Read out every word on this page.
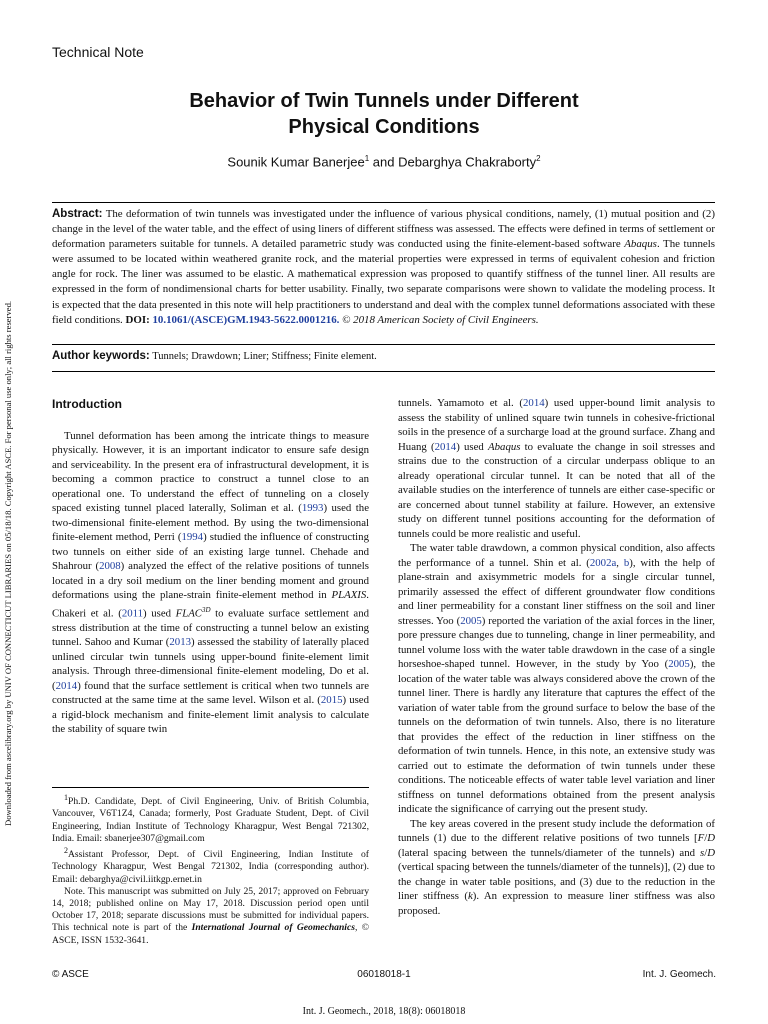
Technical Note
Behavior of Twin Tunnels under Different
Physical Conditions
Sounik Kumar Banerjee$^1$ and Debarghya Chakraborty$^2$
Downloaded from ascelibrary.org by UNIV OF CONNECTICUT LIBRARIES on 05/18/18. Copyright ASCE. For personal use only; all rights reserved.
Abstract: The deformation of twin tunnels was investigated under the influence of various physical conditions, namely, (1) mutual position and (2) change in the level of the water table, and the effect of using liners of different stiffness was assessed. The effects were defined in terms of settlement or deformation parameters suitable for tunnels. A detailed parametric study was conducted using the finite-element-based software Abaqus. The tunnels were assumed to be located within weathered granite rock, and the material properties were expressed in terms of equivalent cohesion and friction angle for rock. The liner was assumed to be elastic. A mathematical expression was proposed to quantify stiffness of the tunnel liner. All results are expressed in the form of nondimensional charts for better usability. Finally, two separate comparisons were shown to validate the modeling process. It is expected that the data presented in this note will help practitioners to understand and deal with the complex tunnel deformations associated with these field conditions. DOI: 10.1061/(ASCE)GM.1943-5622.0001216. © 2018 American Society of Civil Engineers.
Author keywords: Tunnels; Drawdown; Liner; Stiffness; Finite element.
Introduction

Tunnel deformation has been among the intricate things to measure physically. However, it is an important indicator to ensure safe design and serviceability. In the present era of infrastructural development, it is becoming a common practice to construct a tunnel close to an operational one. To understand the effect of tunneling on a closely spaced existing tunnel placed laterally, Soliman et al. (1993) used the two-dimensional finite-element method. By using the two-dimensional finite-element method, Perri (1994) studied the influence of constructing two tunnels on either side of an existing large tunnel. Chehade and Shahrour (2008) analyzed the effect of the relative positions of tunnels located in a dry soil medium on the liner bending moment and ground deformations using the plane-strain finite-element method in PLAXIS. Chakeri et al. (2011) used $FLAC^{3D}$ to evaluate surface settlement and stress distribution at the time of constructing a tunnel below an existing tunnel. Sahoo and Kumar (2013) assessed the stability of laterally placed unlined circular twin tunnels using upper-bound finite-element limit analysis. Through three-dimensional finite-element modeling, Do et al. (2014) found that the surface settlement is critical when two tunnels are constructed at the same time at the same level. Wilson et al. (2015) used a rigid-block mechanism and finite-element limit analysis to calculate the stability of square twin

$^1$Ph.D. Candidate, Dept. of Civil Engineering, Univ. of British Columbia, Vancouver, V6T1Z4, Canada; formerly, Post Graduate Student, Dept. of Civil Engineering, Indian Institute of Technology Kharagpur, West Bengal 721302, India. Email: sbanerjee307@gmail.com

$^2$Assistant Professor, Dept. of Civil Engineering, Indian Institute of Technology Kharagpur, West Bengal 721302, India (corresponding author). Email: debarghya@civil.iitkgp.ernet.in

Note. This manuscript was submitted on July 25, 2017; approved on February 14, 2018; published online on May 17, 2018. Discussion period open until October 17, 2018; separate discussions must be submitted for individual papers. This technical note is part of the International Journal of Geomechanics, © ASCE, ISSN 1532-3641.

tunnels. Yamamoto et al. (2014) used upper-bound limit analysis to assess the stability of unlined square twin tunnels in cohesive-frictional soils in the presence of a surcharge load at the ground surface. Zhang and Huang (2014) used Abaqus to evaluate the change in soil stresses and strains due to the construction of a circular underpass oblique to an already operational circular tunnel. It can be noted that all of the available studies on the interference of tunnels are either case-specific or are concerned about tunnel stability at failure. However, an extensive study on different tunnel positions accounting for the deformation of tunnels could be more realistic and useful.

The water table drawdown, a common physical condition, also affects the performance of a tunnel. Shin et al. (2002a, b), with the help of plane-strain and axisymmetric models for a single circular tunnel, primarily assessed the effect of different groundwater flow conditions and liner permeability for a constant liner stiffness on the soil and liner stresses. Yoo (2005) reported the variation of the axial forces in the liner, pore pressure changes due to tunneling, change in liner permeability, and tunnel volume loss with the water table drawdown in the case of a single horseshoe-shaped tunnel. However, in the study by Yoo (2005), the location of the water table was always considered above the crown of the tunnel liner. There is hardly any literature that captures the effect of the variation of water table from the ground surface to below the base of the tunnels on the deformation of twin tunnels. Also, there is no literature that provides the effect of the reduction in liner stiffness on the deformation of twin tunnels. Hence, in this note, an extensive study was carried out to estimate the deformation of twin tunnels under these conditions. The noticeable effects of water table level variation and liner stiffness on tunnel deformations obtained from the present analysis indicate the significance of carrying out the present study.

The key areas covered in the present study include the deformation of tunnels (1) due to the different relative positions of two tunnels [F/D (lateral spacing between the tunnels/diameter of the tunnels) and s/D (vertical spacing between the tunnels/diameter of the tunnels)], (2) due to the change in water table positions, and (3) due to the reduction in the liner stiffness (k). An expression to measure liner stiffness was also proposed.

© ASCE	06018018-1	Int. J. Geomech.
Int. J. Geomech., 2018, 18(8): 06018018
